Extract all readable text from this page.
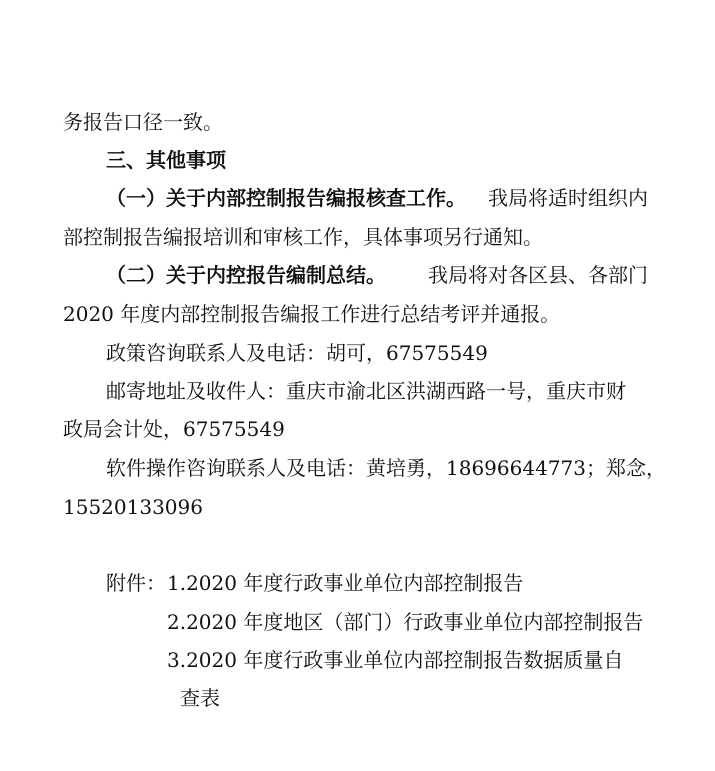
务报告口径一致。
三、其他事项
（一）关于内部控制报告编报核查工作。 我局将适时组织内
部控制报告编报培训和审核工作，具体事项另行通知。
（二）关于内控报告编制总结。 我局将对各区县、各部门
2020 年度内部控制报告编报工作进行总结考评并通报。
政策咨询联系人及电话：胡可，67575549
邮寄地址及收件人：重庆市渝北区洪湖西路一号，重庆市财
政局会计处，67575549
软件操作咨询联系人及电话：黄培勇，18696644773；郑念，
15520133096
附件： 1.2020 年度行政事业单位内部控制报告
2.2020 年度地区（部门）行政事业单位内部控制报告
3.2020 年度行政事业单位内部控制报告数据质量自
查表
